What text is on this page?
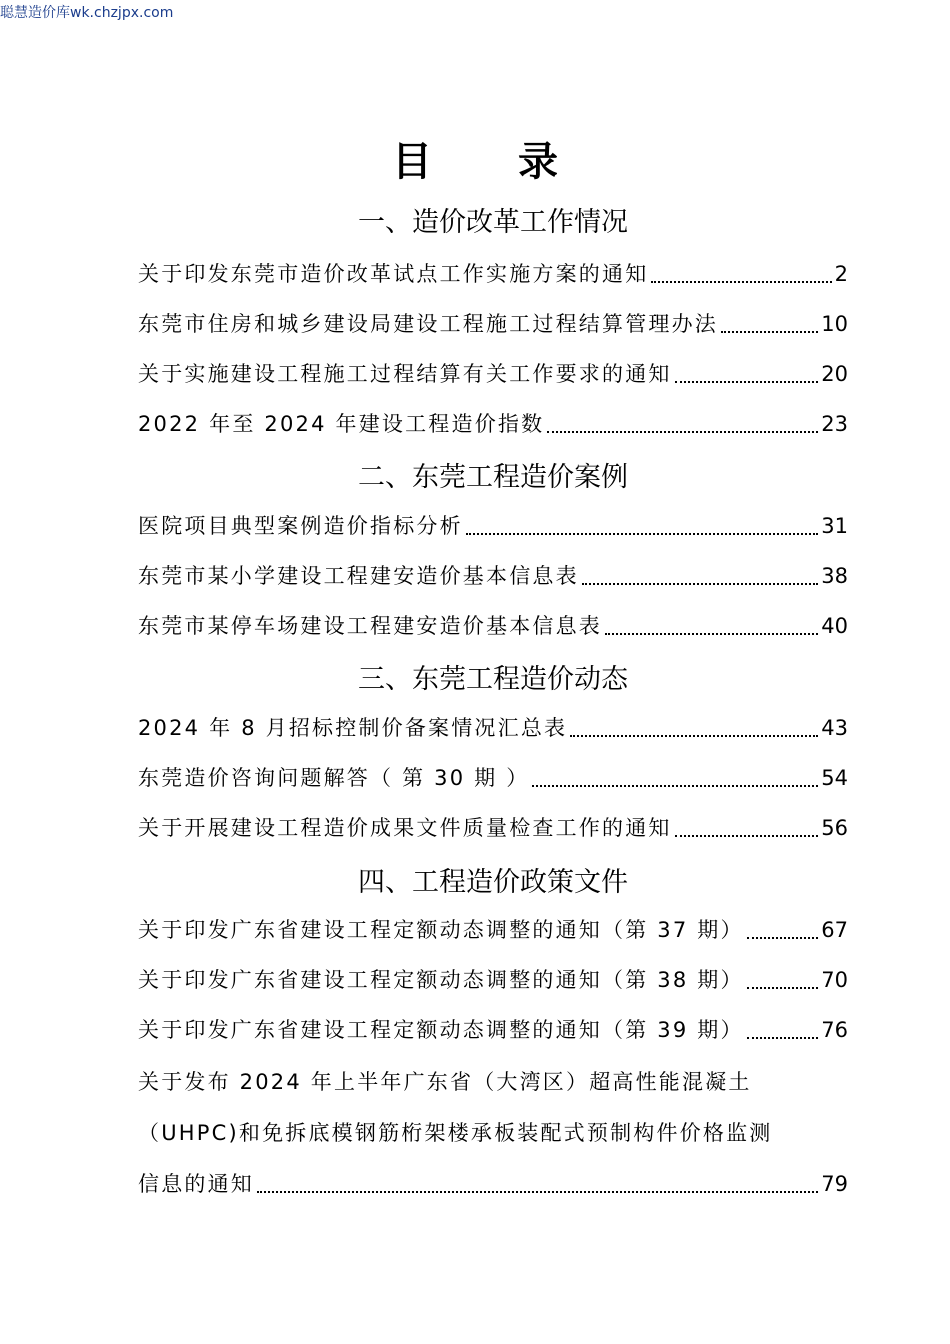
聪慧造价库wk.chzjpx.com
目 录
一、造价改革工作情况
关于印发东莞市造价改革试点工作实施方案的通知	2
东莞市住房和城乡建设局建设工程施工过程结算管理办法	10
关于实施建设工程施工过程结算有关工作要求的通知	20
2022 年至 2024 年建设工程造价指数	23
二、东莞工程造价案例
医院项目典型案例造价指标分析	31
东莞市某小学建设工程建安造价基本信息表	38
东莞市某停车场建设工程建安造价基本信息表	40
三、东莞工程造价动态
2024 年 8 月招标控制价备案情况汇总表	43
东莞造价咨询问题解答（ 第 30 期 ）	54
关于开展建设工程造价成果文件质量检查工作的通知	56
四、工程造价政策文件
关于印发广东省建设工程定额动态调整的通知（第 37 期）	67
关于印发广东省建设工程定额动态调整的通知（第 38 期）	70
关于印发广东省建设工程定额动态调整的通知（第 39 期）	76
关于发布 2024 年上半年广东省（大湾区）超高性能混凝土
（UHPC)和免拆底模钢筋桁架楼承板装配式预制构件价格监测
信息的通知	79
